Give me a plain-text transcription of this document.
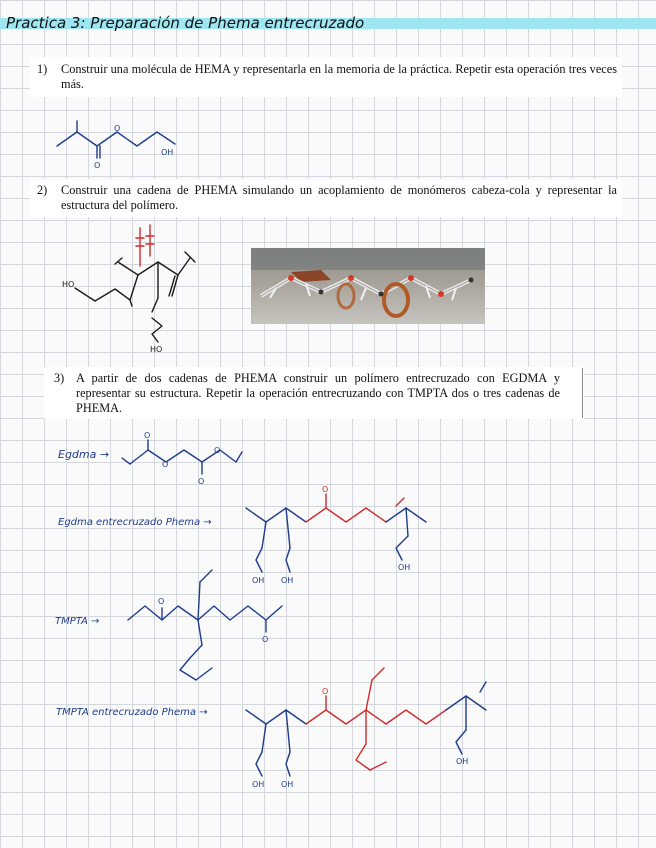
Practica 3: Preparación de Phema entrecruzado
1) Construir una molécula de HEMA y representarla en la memoria de la práctica. Repetir esta operación tres veces más.
2) Construir una cadena de PHEMA simulando un acoplamiento de monómeros cabeza-cola y representar la estructura del polímero.
3) A partir de dos cadenas de PHEMA construir un polímero entrecruzado con EGDMA y representar su estructura. Repetir la operación entrecruzando con TMPTA dos o tres cadenas de PHEMA.
O
O
OH
O
O
O
O
OH OH
OH
O
O
OH OH
OH
HO
HO
O
O
Egdma →
Egdma entrecruzado Phema →
TMPTA →
TMPTA entrecruzado Phema →
